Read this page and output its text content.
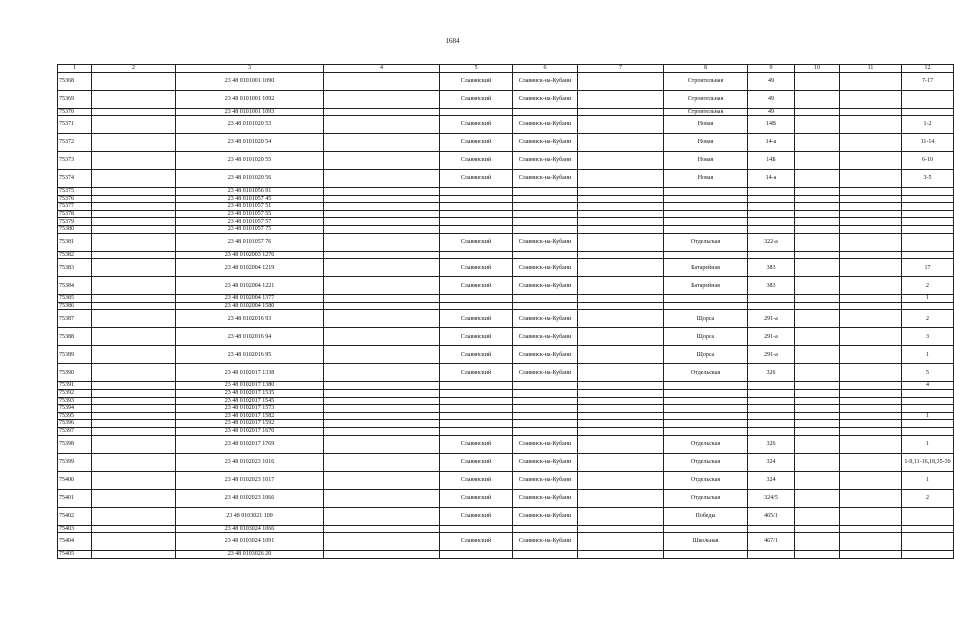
1684
1	2	3	4	5	6	7	8	9	10	11	12
75368		23 48 0101001 1090		Славянский	Славянск-на-Кубани		Строительная	49			7-17
75369		23 48 0101001 1092		Славянский	Славянск-на-Кубани		Строительная	49			
75370		23 48 0101001 1093					Строительная	49			
75371		23 48 0101020 53		Славянский	Славянск-на-Кубани		Новая	14В			1-2
75372		23 48 0101020 54		Славянский	Славянск-на-Кубани		Новая	14-а			11-14
75373		23 48 0101020 55		Славянский	Славянск-на-Кубани		Новая	14Б			6-10
75374		23 48 0101020 56		Славянский	Славянск-на-Кубани		Новая	14-а			3-5
75375		23 48 0101056 91									
75376		23 48 0101057 45									
75377		23 48 0101057 51									
75378		23 48 0101057 55									
75379		23 48 0101057 57									
75380		23 48 0101057 75									
75381		23 48 0101057 76		Славянский	Славянск-на-Кубани		Отдельская	322-а			
75382		23 48 0102003 1276									
75383		23 48 0102004 1219		Славянский	Славянск-на-Кубани		Батарейная	383			17
75384		23 48 0102004 1221		Славянский	Славянск-на-Кубани		Батарейная	383			2
75385		23 48 0102004 1377									1
75386		23 48 0102004 1580									
75387		23 48 0102016 93		Славянский	Славянск-на-Кубани		Щорса	291-а			2
75388		23 48 0102016 94		Славянский	Славянск-на-Кубани		Щорса	291-а			3
75389		23 48 0102016 95		Славянский	Славянск-на-Кубани		Щорса	291-а			1
75390		23 48 0102017 1338		Славянский	Славянск-на-Кубани		Отдельская	326			5
75391		23 48 0102017 1380									4
75392		23 48 0102017 1535									
75393		23 48 0102017 1545									
75394		23 48 0102017 1573									
75395		23 48 0102017 1582									1
75396		23 48 0102017 1592									
75397		23 48 0102017 1670									
75398		23 48 0102017 1769		Славянский	Славянск-на-Кубани		Отдельская	326			1
75399		23 48 0102023 1016		Славянский	Славянск-на-Кубани		Отдельская	324			1-9,11-16,18,35-39
75400		23 48 0102023 1017		Славянский	Славянск-на-Кубани		Отдельская	324			1
75401		23 48 0102023 1066		Славянский	Славянск-на-Кубани		Отдельская	324/5			2
75402		23 48 0103021 109		Славянский	Славянск-на-Кубани		Победы	465/1			
75403		23 48 0103024 1066									
75404		23 48 0103024 1091		Славянский	Славянск-на-Кубани		Школьная	467/1			
75405		23 48 0103026 20									
